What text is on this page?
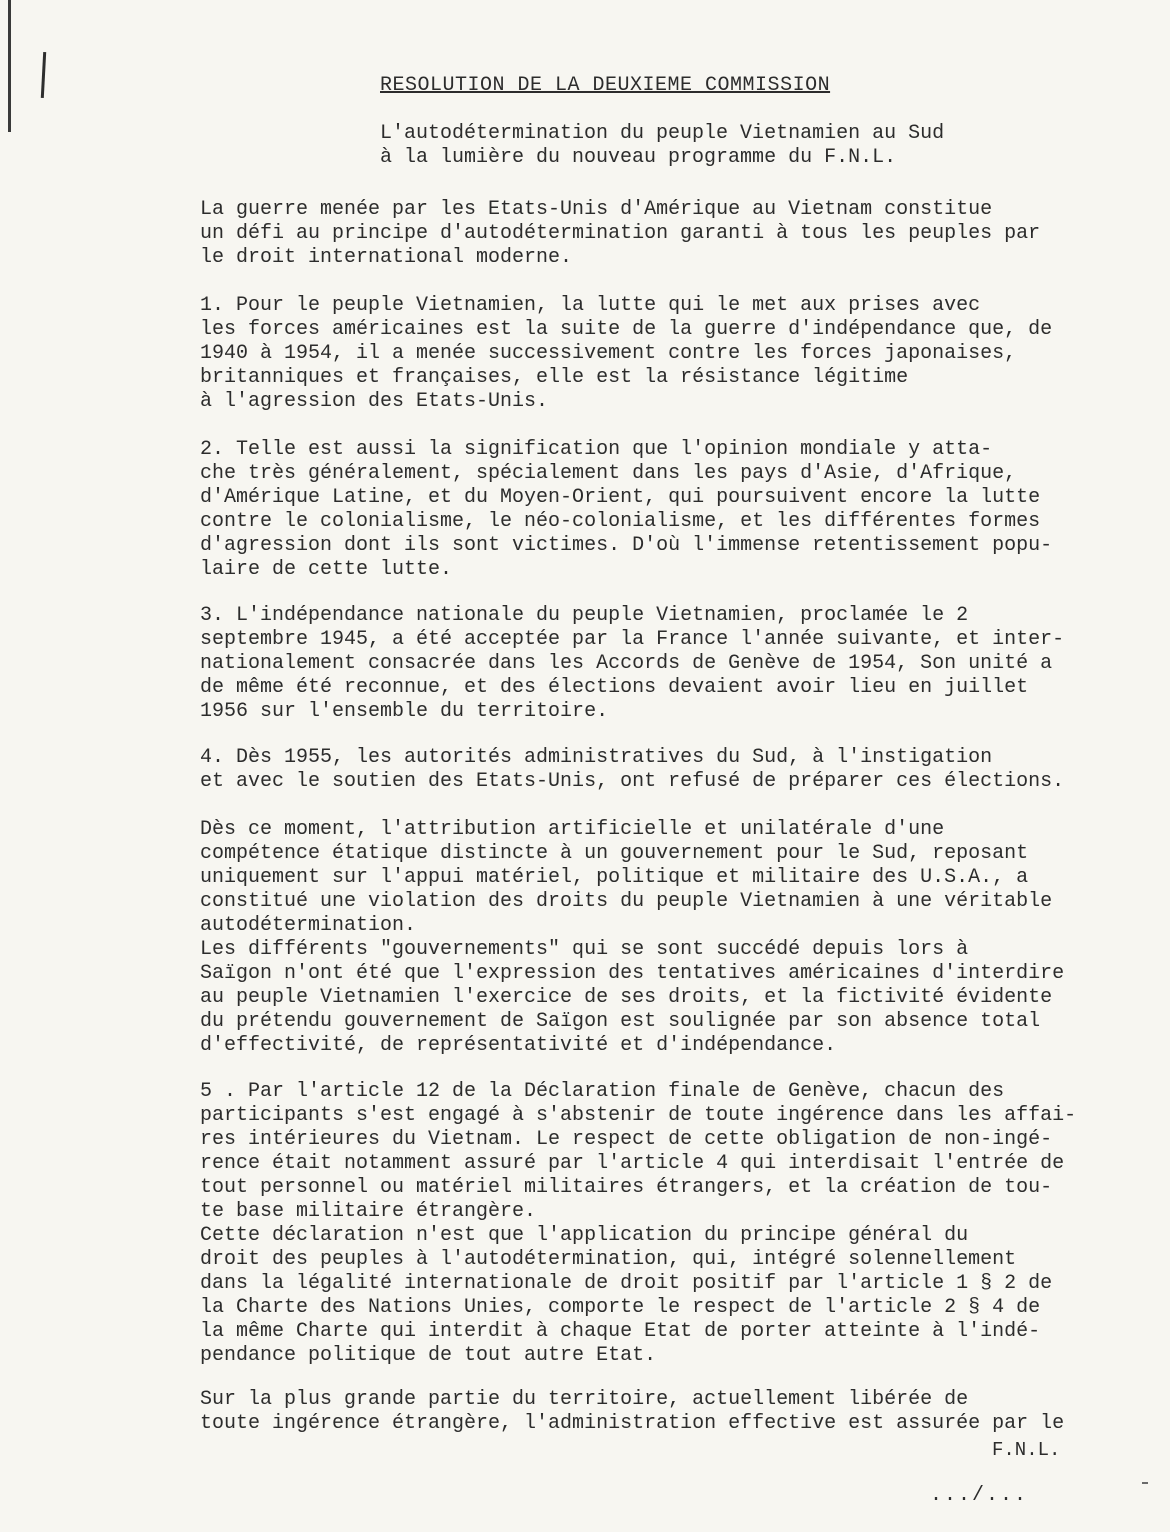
RESOLUTION DE LA DEUXIEME COMMISSION
L'autodétermination du peuple Vietnamien au Sud
à la lumière du nouveau programme du F.N.L.
La guerre menée par les Etats-Unis d'Amérique au Vietnam constitue
un défi au principe d'autodétermination garanti à tous les peuples par
le droit international moderne.
1. Pour le peuple Vietnamien, la lutte qui le met aux prises avec
les forces américaines est la suite de la guerre d'indépendance que, de
1940 à 1954, il a menée successivement contre les forces japonaises,
britanniques et françaises, elle est la résistance légitime
à l'agression des Etats-Unis.
2. Telle est aussi la signification que l'opinion mondiale y atta-
che très généralement, spécialement dans les pays d'Asie, d'Afrique,
d'Amérique Latine, et du Moyen-Orient, qui poursuivent encore la lutte
contre le colonialisme, le néo-colonialisme, et les différentes formes
d'agression dont ils sont victimes. D'où l'immense retentissement popu-
laire de cette lutte.
3. L'indépendance nationale du peuple Vietnamien, proclamée le 2
septembre 1945, a été acceptée par la France l'année suivante, et inter-
nationalement consacrée dans les Accords de Genève de 1954, Son unité a
de même été reconnue, et des élections devaient avoir lieu en juillet
1956 sur l'ensemble du territoire.
4. Dès 1955, les autorités administratives du Sud, à l'instigation
et avec le soutien des Etats-Unis, ont refusé de préparer ces élections.
Dès ce moment, l'attribution artificielle et unilatérale d'une
compétence étatique distincte à un gouvernement pour le Sud, reposant
uniquement sur l'appui matériel, politique et militaire des U.S.A., a
constitué une violation des droits du peuple Vietnamien à une véritable
autodétermination.
Les différents "gouvernements" qui se sont succédé depuis lors à
Saïgon n'ont été que l'expression des tentatives américaines d'interdire
au peuple Vietnamien l'exercice de ses droits, et la fictivité évidente
du prétendu gouvernement de Saïgon est soulignée par son absence total
d'effectivité, de représentativité et d'indépendance.
5 . Par l'article 12 de la Déclaration finale de Genève, chacun des
participants s'est engagé à s'abstenir de toute ingérence dans les affai-
res intérieures du Vietnam. Le respect de cette obligation de non-ingé-
rence était notamment assuré par l'article 4 qui interdisait l'entrée de
tout personnel ou matériel militaires étrangers, et la création de tou-
te base militaire étrangère.
Cette déclaration n'est que l'application du principe général du
droit des peuples à l'autodétermination, qui, intégré solennellement
dans la légalité internationale de droit positif par l'article 1 § 2 de
la Charte des Nations Unies, comporte le respect de l'article 2 § 4 de
la même Charte qui interdit à chaque Etat de porter atteinte à l'indé-
pendance politique de tout autre Etat.
Sur la plus grande partie du territoire, actuellement libérée de
toute ingérence étrangère, l'administration effective est assurée par le
F.N.L.
.../...
